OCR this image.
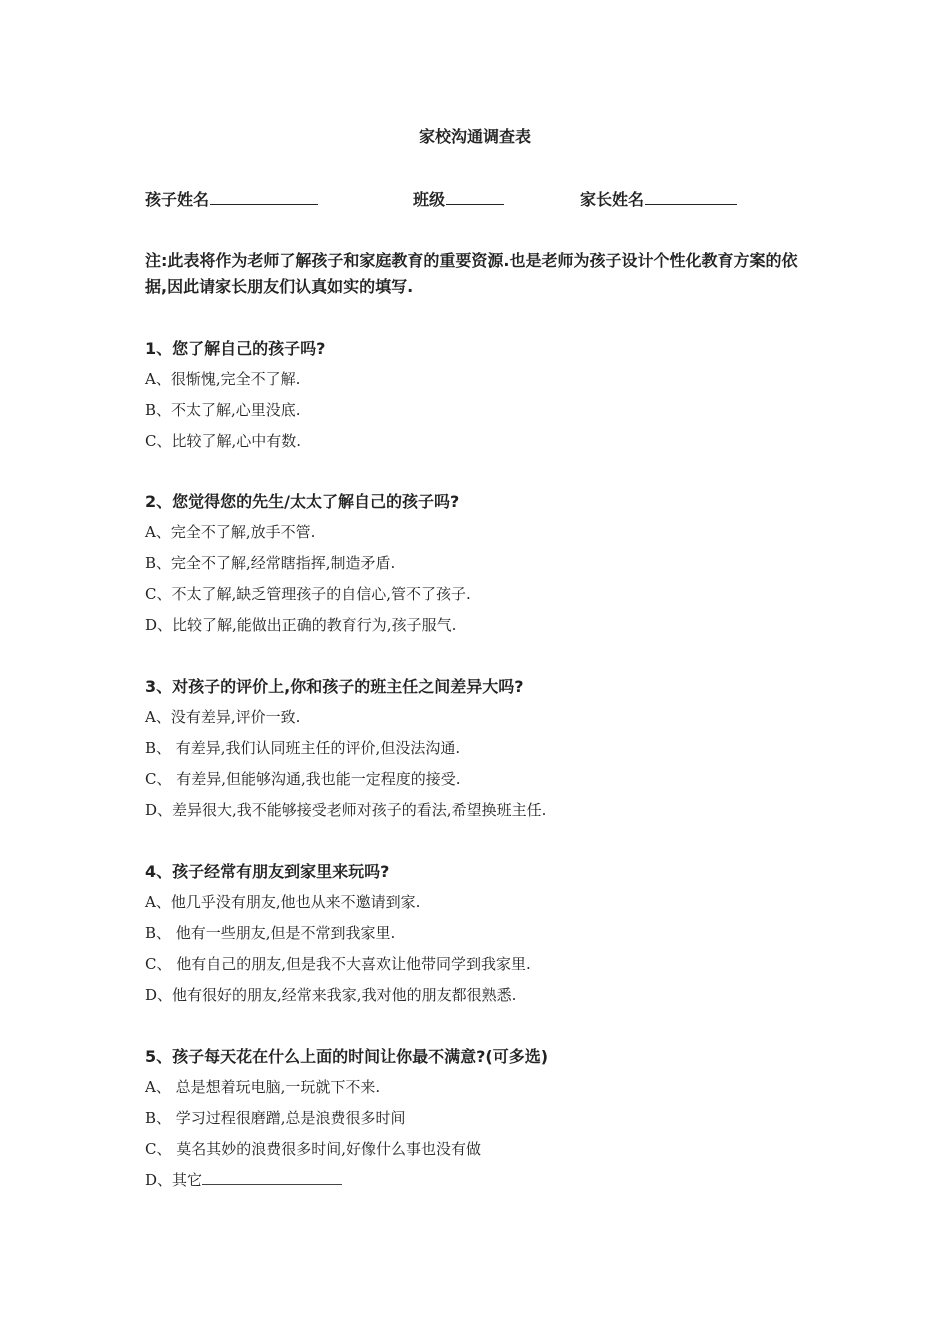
家校沟通调查表
孩子姓名	班级	家长姓名
注:此表将作为老师了解孩子和家庭教育的重要资源.也是老师为孩子设计个性化教育方案的依据,因此请家长朋友们认真如实的填写.
1、您了解自己的孩子吗?
A、很惭愧,完全不了解.
B、不太了解,心里没底.
C、比较了解,心中有数.
2、您觉得您的先生/太太了解自己的孩子吗?
A、完全不了解,放手不管.
B、完全不了解,经常瞎指挥,制造矛盾.
C、不太了解,缺乏管理孩子的自信心,管不了孩子.
D、比较了解,能做出正确的教育行为,孩子服气.
3、对孩子的评价上,你和孩子的班主任之间差异大吗?
A、没有差异,评价一致.
B、 有差异,我们认同班主任的评价,但没法沟通.
C、 有差异,但能够沟通,我也能一定程度的接受.
D、差异很大,我不能够接受老师对孩子的看法,希望换班主任.
4、孩子经常有朋友到家里来玩吗?
A、他几乎没有朋友,他也从来不邀请到家.
B、 他有一些朋友,但是不常到我家里.
C、 他有自己的朋友,但是我不大喜欢让他带同学到我家里.
D、他有很好的朋友,经常来我家,我对他的朋友都很熟悉.
5、孩子每天花在什么上面的时间让你最不满意?(可多选)
A、 总是想着玩电脑,一玩就下不来.
B、 学习过程很磨蹭,总是浪费很多时间
C、 莫名其妙的浪费很多时间,好像什么事也没有做
D、其它
